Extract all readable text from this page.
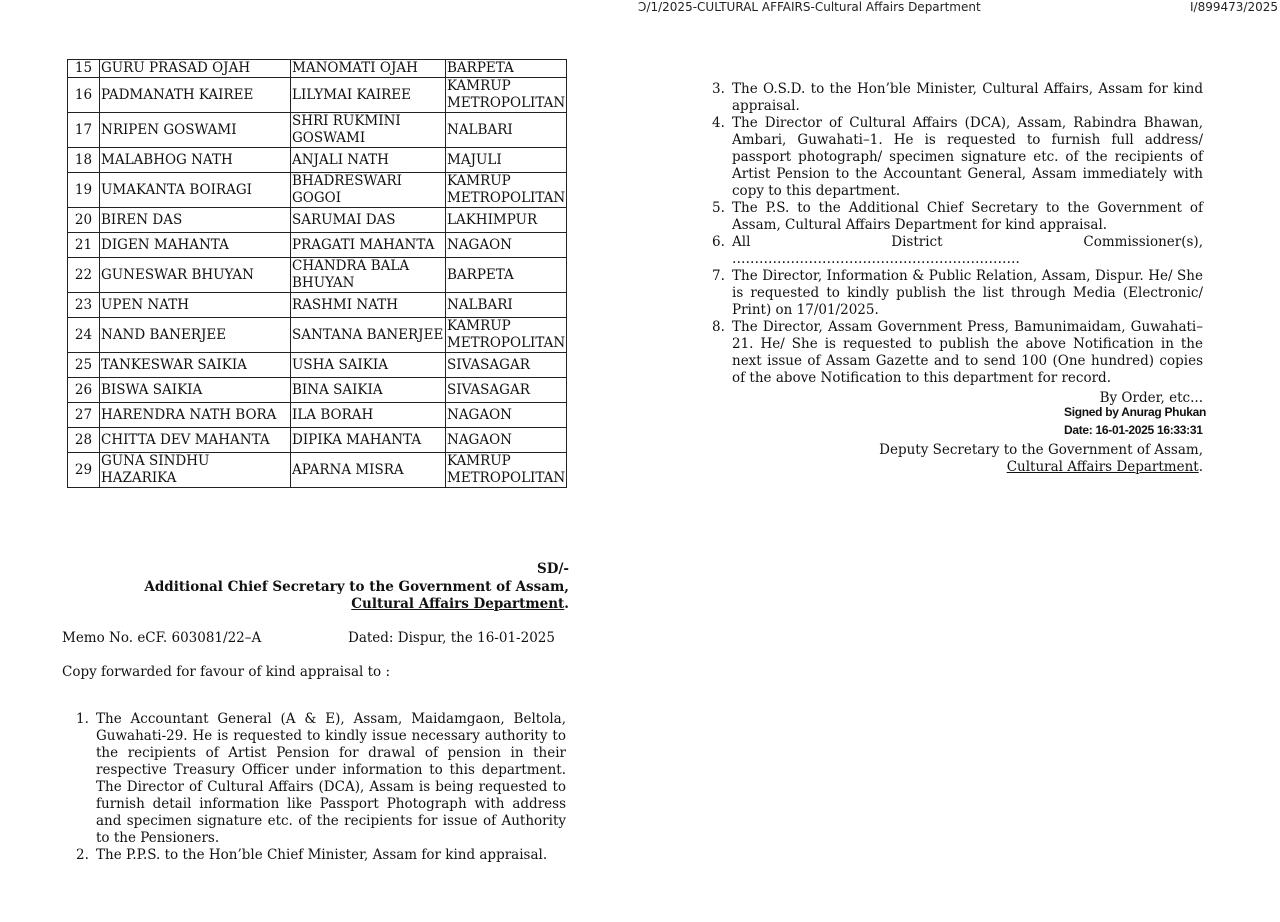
Ͻ/1/2025-CULTURAL AFFAIRS-Cultural Affairs Department	I/899473/2025
15	GURU PRASAD OJAH	MANOMATI OJAH	BARPETA
16	PADMANATH KAIREE	LILYMAI KAIREE	KAMRUP METROPOLITAN
17	NRIPEN GOSWAMI	SHRI RUKMINI GOSWAMI	NALBARI
18	MALABHOG NATH	ANJALI NATH	MAJULI
19	UMAKANTA BOIRAGI	BHADRESWARI GOGOI	KAMRUP METROPOLITAN
20	BIREN DAS	SARUMAI DAS	LAKHIMPUR
21	DIGEN MAHANTA	PRAGATI MAHANTA	NAGAON
22	GUNESWAR BHUYAN	CHANDRA BALA BHUYAN	BARPETA
23	UPEN NATH	RASHMI NATH	NALBARI
24	NAND BANERJEE	SANTANA BANERJEE	KAMRUP METROPOLITAN
25	TANKESWAR SAIKIA	USHA SAIKIA	SIVASAGAR
26	BISWA SAIKIA	BINA SAIKIA	SIVASAGAR
27	HARENDRA NATH BORA	ILA BORAH	NAGAON
28	CHITTA DEV MAHANTA	DIPIKA MAHANTA	NAGAON
29	GUNA SINDHU HAZARIKA	APARNA MISRA	KAMRUP METROPOLITAN
SD/-
Additional Chief Secretary to the Government of Assam,
Cultural Affairs Department.
Memo No. eCF. 603081/22–A	Dated: Dispur, the 16-01-2025
Copy forwarded for favour of kind appraisal to :
1. The Accountant General (A & E), Assam, Maidamgaon, Beltola, Guwahati-29. He is requested to kindly issue necessary authority to the recipients of Artist Pension for drawal of pension in their respective Treasury Officer under information to this department. The Director of Cultural Affairs (DCA), Assam is being requested to furnish detail information like Passport Photograph with address and specimen signature etc. of the recipients for issue of Authority to the Pensioners.
2. The P.P.S. to the Hon’ble Chief Minister, Assam for kind appraisal.
3. The O.S.D. to the Hon’ble Minister, Cultural Affairs, Assam for kind appraisal.
4. The Director of Cultural Affairs (DCA), Assam, Rabindra Bhawan, Ambari, Guwahati–1. He is requested to furnish full address/ passport photograph/ specimen signature etc. of the recipients of Artist Pension to the Accountant General, Assam immediately with copy to this department.
5. The P.S. to the Additional Chief Secretary to the Government of Assam, Cultural Affairs Department for kind appraisal.
6. All District Commissioner(s), ……………………………………………………….
7. The Director, Information & Public Relation, Assam, Dispur. He/ She is requested to kindly publish the list through Media (Electronic/ Print) on 17/01/2025.
8. The Director, Assam Government Press, Bamunimaidam, Guwahati–21. He/ She is requested to publish the above Notification in the next issue of Assam Gazette and to send 100 (One hundred) copies of the above Notification to this department for record.
By Order, etc...
Signed by Anurag Phukan
Date: 16-01-2025 16:33:31
Deputy Secretary to the Government of Assam,
Cultural Affairs Department.
